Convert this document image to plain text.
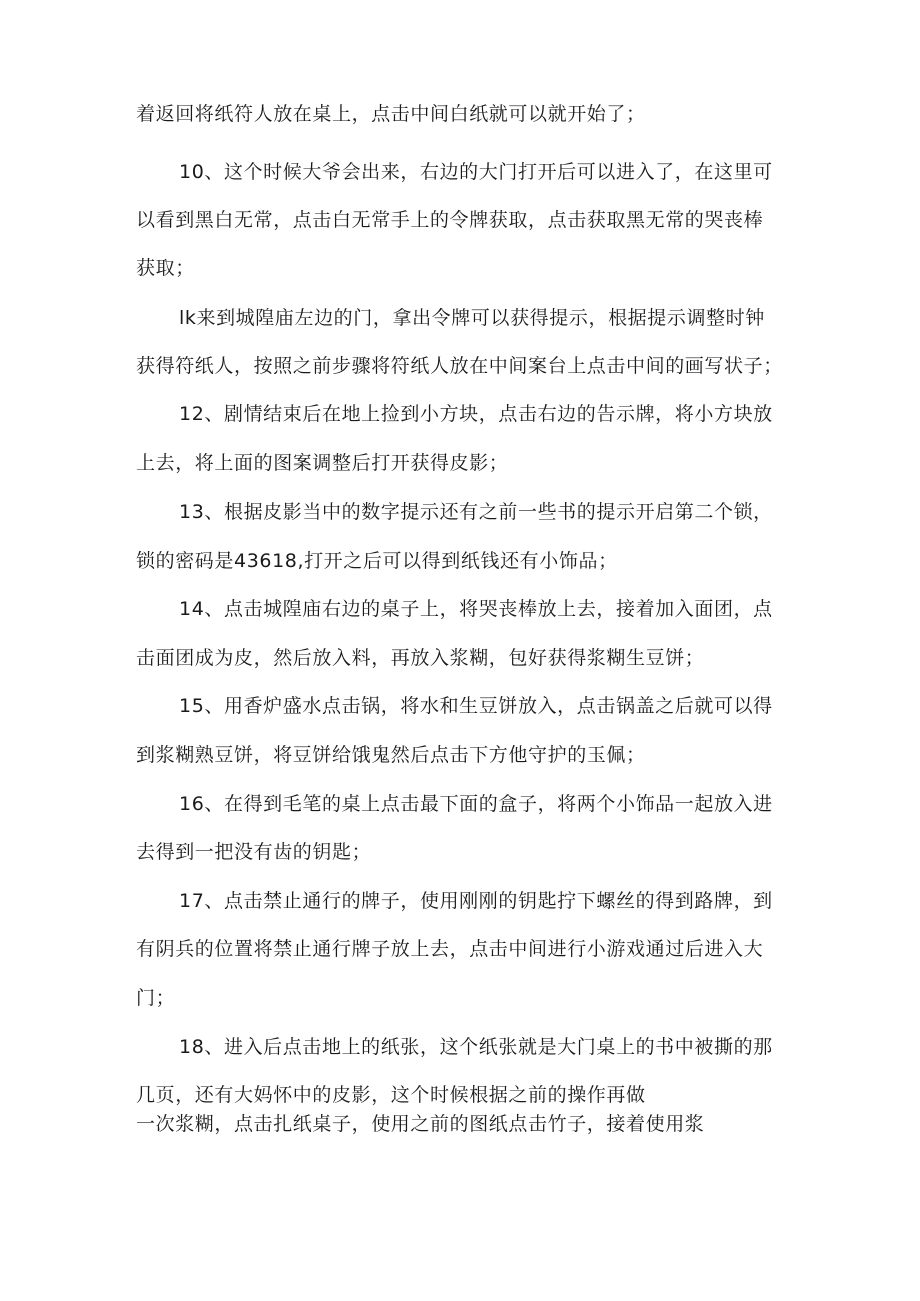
着返回将纸符人放在桌上，点击中间白纸就可以就开始了；
10、这个时候大爷会出来，右边的大门打开后可以进入了，在这里可
以看到黑白无常，点击白无常手上的令牌获取，点击获取黑无常的哭丧棒
获取；
lk来到城隍庙左边的门，拿出令牌可以获得提示，根据提示调整时钟
获得符纸人，按照之前步骤将符纸人放在中间案台上点击中间的画写状子；
12、剧情结束后在地上捡到小方块，点击右边的告示牌，将小方块放
上去，将上面的图案调整后打开获得皮影；
13、根据皮影当中的数字提示还有之前一些书的提示开启第二个锁，
锁的密码是43618,打开之后可以得到纸钱还有小饰品；
14、点击城隍庙右边的桌子上，将哭丧棒放上去，接着加入面团，点
击面团成为皮，然后放入料，再放入浆糊，包好获得浆糊生豆饼；
15、用香炉盛水点击锅，将水和生豆饼放入，点击锅盖之后就可以得
到浆糊熟豆饼，将豆饼给饿鬼然后点击下方他守护的玉佩；
16、在得到毛笔的桌上点击最下面的盒子，将两个小饰品一起放入进
去得到一把没有齿的钥匙；
17、点击禁止通行的牌子，使用刚刚的钥匙拧下螺丝的得到路牌，到
有阴兵的位置将禁止通行牌子放上去，点击中间进行小游戏通过后进入大
门；
18、进入后点击地上的纸张，这个纸张就是大门桌上的书中被撕的那
几页，还有大妈怀中的皮影，这个时候根据之前的操作再做
一次浆糊，点击扎纸桌子，使用之前的图纸点击竹子，接着使用浆
